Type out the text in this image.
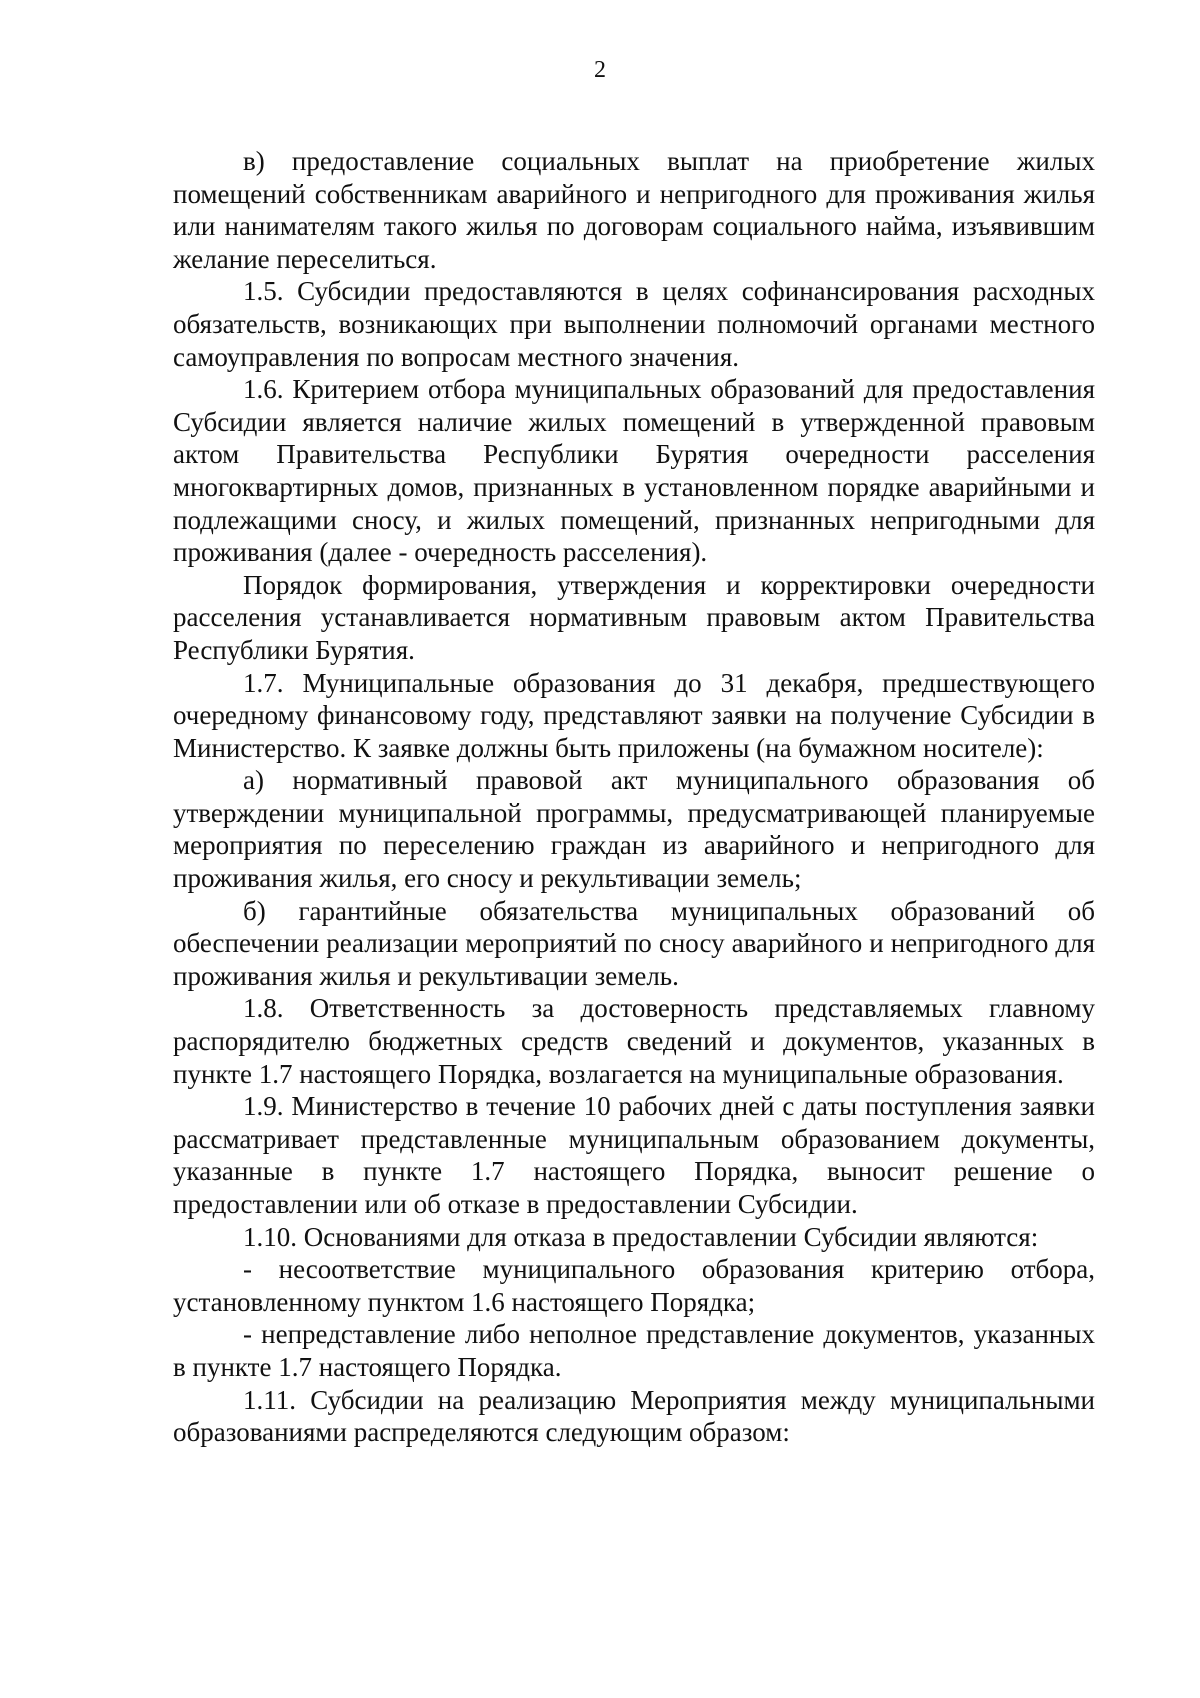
2

в) предоставление социальных выплат на приобретение жилых помещений собственникам аварийного и непригодного для проживания жилья или нанимателям такого жилья по договорам социального найма, изъявившим желание переселиться.

1.5. Субсидии предоставляются в целях софинансирования расходных обязательств, возникающих при выполнении полномочий органами местного самоуправления по вопросам местного значения.

1.6. Критерием отбора муниципальных образований для предоставления Субсидии является наличие жилых помещений в утвержденной правовым актом Правительства Республики Бурятия очередности расселения многоквартирных домов, признанных в установленном порядке аварийными и подлежащими сносу, и жилых помещений, признанных непригодными для проживания (далее - очередность расселения).

Порядок формирования, утверждения и корректировки очередности расселения устанавливается нормативным правовым актом Правительства Республики Бурятия.

1.7. Муниципальные образования до 31 декабря, предшествующего очередному финансовому году, представляют заявки на получение Субсидии в Министерство. К заявке должны быть приложены (на бумажном носителе):

а) нормативный правовой акт муниципального образования об утверждении муниципальной программы, предусматривающей планируемые мероприятия по переселению граждан из аварийного и непригодного для проживания жилья, его сносу и рекультивации земель;

б) гарантийные обязательства муниципальных образований об обеспечении реализации мероприятий по сносу аварийного и непригодного для проживания жилья и рекультивации земель.

1.8. Ответственность за достоверность представляемых главному распорядителю бюджетных средств сведений и документов, указанных в пункте 1.7 настоящего Порядка, возлагается на муниципальные образования.

1.9. Министерство в течение 10 рабочих дней с даты поступления заявки рассматривает представленные муниципальным образованием документы, указанные в пункте 1.7 настоящего Порядка, выносит решение о предоставлении или об отказе в предоставлении Субсидии.

1.10. Основаниями для отказа в предоставлении Субсидии являются:

- несоответствие муниципального образования критерию отбора, установленному пунктом 1.6 настоящего Порядка;

- непредставление либо неполное представление документов, указанных в пункте 1.7 настоящего Порядка.

1.11. Субсидии на реализацию Мероприятия между муниципальными образованиями распределяются следующим образом:
